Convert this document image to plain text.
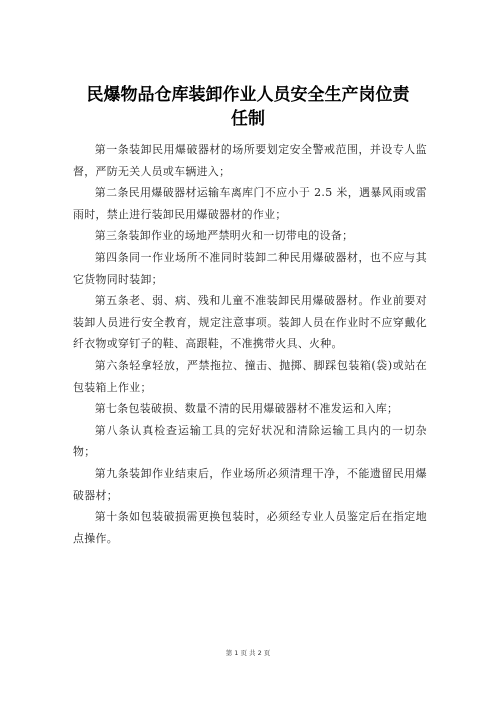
民爆物品仓库装卸作业人员安全生产岗位责
任制

第一条装卸民用爆破器材的场所要划定安全警戒范围，并设专人监督，严防无关人员或车辆进入；

第二条民用爆破器材运输车离库门不应小于 2.5 米，遇暴风雨或雷雨时，禁止进行装卸民用爆破器材的作业；

第三条装卸作业的场地严禁明火和一切带电的设备；

第四条同一作业场所不准同时装卸二种民用爆破器材，也不应与其它货物同时装卸；

第五条老、弱、病、残和儿童不准装卸民用爆破器材。作业前要对装卸人员进行安全教育，规定注意事项。装卸人员在作业时不应穿戴化纤衣物或穿钉子的鞋、高跟鞋，不准携带火具、火种。

第六条轻拿轻放，严禁拖拉、撞击、抛掷、脚踩包装箱(袋)或站在包装箱上作业；

第七条包装破损、数量不清的民用爆破器材不准发运和入库；

第八条认真检查运输工具的完好状况和清除运输工具内的一切杂物；

第九条装卸作业结束后，作业场所必须清理干净，不能遗留民用爆破器材；

第十条如包装破损需更换包装时，必须经专业人员鉴定后在指定地点操作。

第 1 页 共 2 页
